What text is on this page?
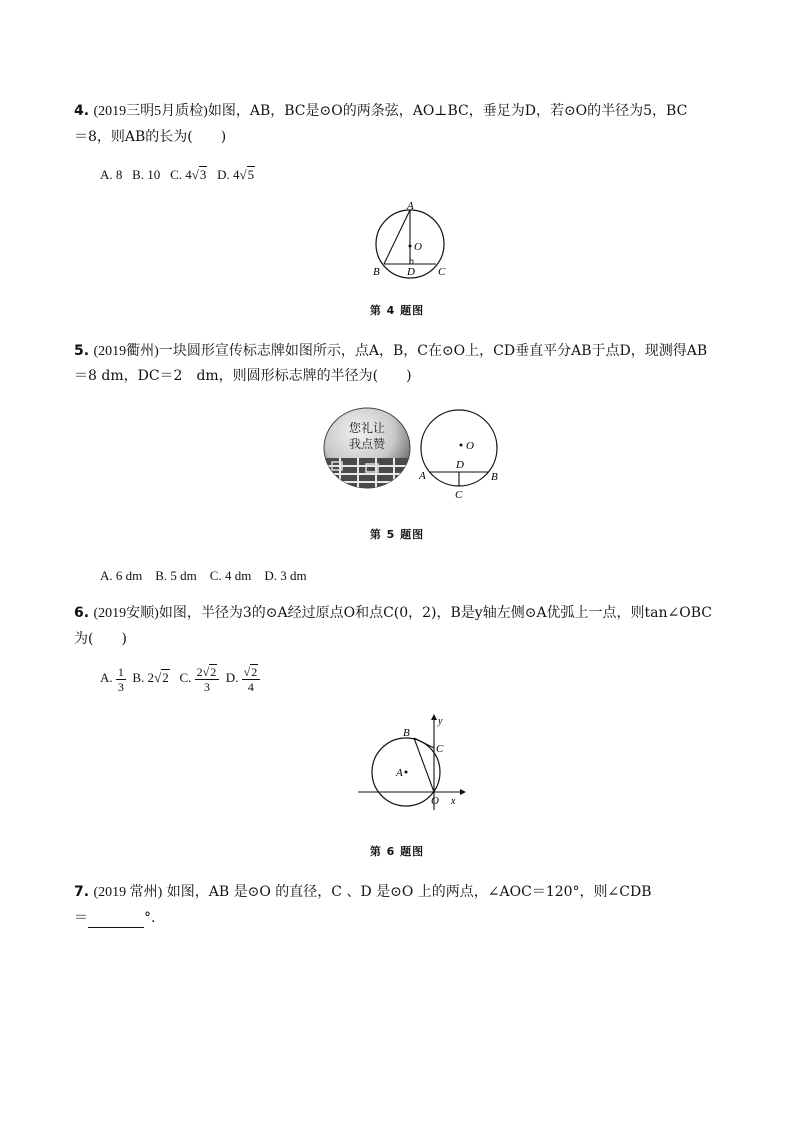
4. (2019三明5月质检)如图，AB，BC是⊙O的两条弦，AO⊥BC，垂足为D，若⊙O的半径为5，BC
＝8，则AB的长为(　　)
A. 8 B. 10 C. 4√3 D. 4√5
A
O
B D C
第 4 题图
5. (2019衢州)一块圆形宣传标志牌如图所示，点A，B，C在⊙O上，CD垂直平分AB于点D，现测得AB
＝8 dm，DC＝2　dm，则圆形标志牌的半径为(　　)
您礼让
我点赞	O
D
A	B
C
第 5 题图
A. 6 dm　B. 5 dm　C. 4 dm　D. 3 dm
6. (2019安顺)如图，半径为3的⊙A经过原点O和点C(0，2)，B是y轴左侧⊙A优弧上一点，则tan∠OBC
为(　　)
A. $\frac{1}{3} B$. 2√2 C. $\frac{2√2}{3} D$. $\frac{√2}{4}$
y
B
C
A
O x
第 6 题图
7. (2019 常州) 如图，AB 是⊙O 的直径，C 、D 是⊙O 上的两点，∠AOC＝120°，则∠CDB
＝	°.
